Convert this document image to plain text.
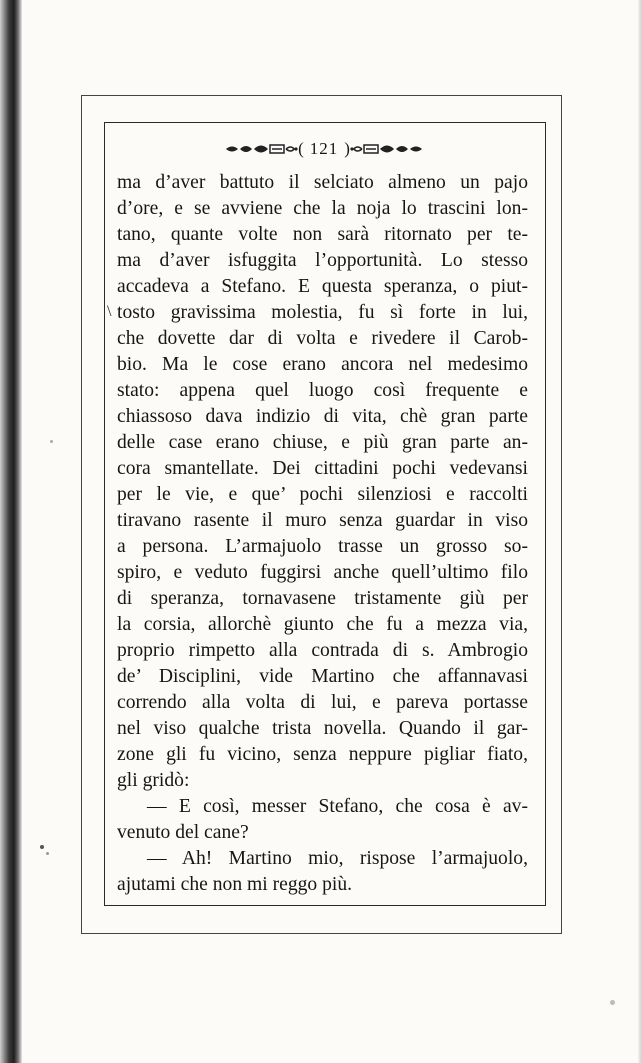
( 121 )
\
ma d’aver battuto il selciato almeno un pajo
d’ore, e se avviene che la noja lo trascini lon-
tano, quante volte non sarà ritornato per te-
ma d’aver isfuggita l’opportunità. Lo stesso
accadeva a Stefano. E questa speranza, o piut-
tosto gravissima molestia, fu sì forte in lui,
che dovette dar di volta e rivedere il Carob-
bio. Ma le cose erano ancora nel medesimo
stato: appena quel luogo così frequente e
chiassoso dava indizio di vita, chè gran parte
delle case erano chiuse, e più gran parte an-
cora smantellate. Dei cittadini pochi vedevansi
per le vie, e que’ pochi silenziosi e raccolti
tiravano rasente il muro senza guardar in viso
a persona. L’armajuolo trasse un grosso so-
spiro, e veduto fuggirsi anche quell’ultimo filo
di speranza, tornavasene tristamente giù per
la corsia, allorchè giunto che fu a mezza via,
proprio rimpetto alla contrada di s. Ambrogio
de’ Disciplini, vide Martino che affannavasi
correndo alla volta di lui, e pareva portasse
nel viso qualche trista novella. Quando il gar-
zone gli fu vicino, senza neppure pigliar fiato,
gli gridò:
— E così, messer Stefano, che cosa è av-
venuto del cane?
— Ah! Martino mio, rispose l’armajuolo,
ajutami che non mi reggo più.
